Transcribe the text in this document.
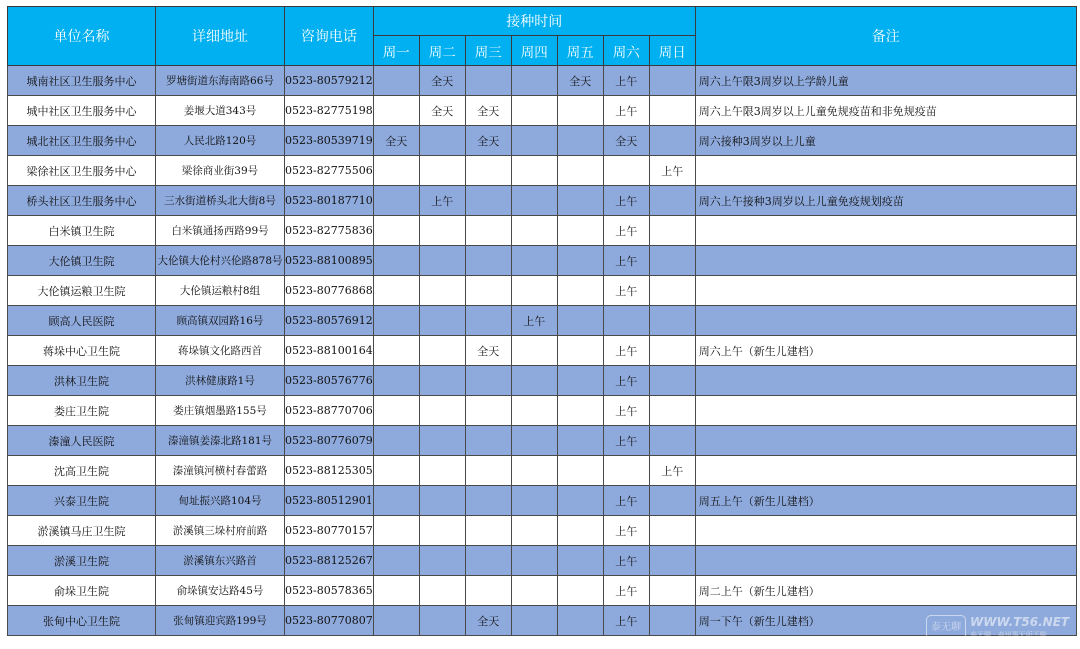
单位名称	详细地址	咨询电话	接种时间							备注
			周一	周二	周三	周四	周五	周六	周日	
城南社区卫生服务中心	罗塘街道东海南路66号	0523-80579212		全天			全天	上午		周六上午限3周岁以上学龄儿童
城中社区卫生服务中心	姜堰大道343号	0523-82775198		全天	全天			上午		周六上午限3周岁以上儿童免规疫苗和非免规疫苗
城北社区卫生服务中心	人民北路120号	0523-80539719	全天		全天			全天		周六接种3周岁以上儿童
梁徐社区卫生服务中心	梁徐商业街39号	0523-82775506							上午	
桥头社区卫生服务中心	三水街道桥头北大街8号	0523-80187710		上午				上午		周六上午接种3周岁以上儿童免疫规划疫苗
白米镇卫生院	白米镇通扬西路99号	0523-82775836						上午		
大伦镇卫生院	大伦镇大伦村兴伦路878号	0523-88100895						上午		
大伦镇运粮卫生院	大伦镇运粮村8组	0523-80776868						上午		
顾高人民医院	顾高镇双园路16号	0523-80576912				上午				
蒋垛中心卫生院	蒋垛镇文化路西首	0523-88100164			全天			上午		周六上午（新生儿建档）
洪林卫生院	洪林健康路1号	0523-80576776						上午		
娄庄卫生院	娄庄镇烟墨路155号	0523-88770706						上午		
溱潼人民医院	溱潼镇姜溱北路181号	0523-80776079						上午		
沈高卫生院	溱潼镇河横村春蕾路	0523-88125305							上午	
兴泰卫生院	甸址振兴路104号	0523-80512901						上午		周五上午（新生儿建档）
淤溪镇马庄卫生院	淤溪镇三垛村府前路	0523-80770157						上午		
淤溪卫生院	淤溪镇东兴路首	0523-88125267						上午		
俞垛卫生院	俞垛镇安达路45号	0523-80578365						上午		周二上午（新生儿建档）
张甸中心卫生院	张甸镇迎宾路199号	0523-80770807			全天			上午		周一下午（新生儿建档）	泰无聊 WWW.T56.NET
泰无聊 · 泰州事无所不聊
